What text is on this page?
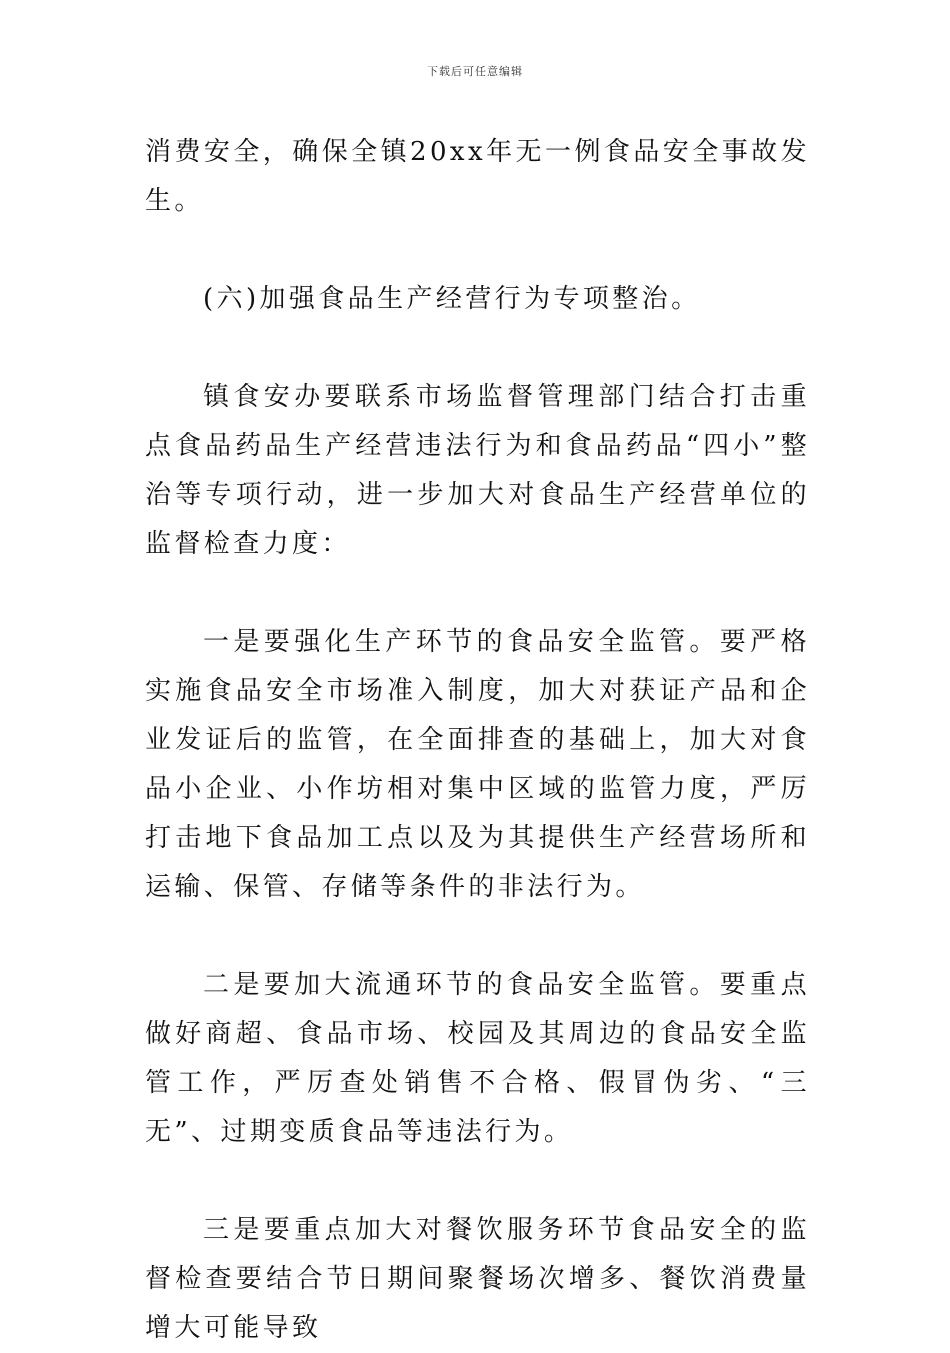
下载后可任意编辑

消费安全，确保全镇20xx年无一例食品安全事故发生。

(六)加强食品生产经营行为专项整治。

镇食安办要联系市场监督管理部门结合打击重点食品药品生产经营违法行为和食品药品“四小”整治等专项行动，进一步加大对食品生产经营单位的监督检查力度：

一是要强化生产环节的食品安全监管。要严格实施食品安全市场准入制度，加大对获证产品和企业发证后的监管，在全面排查的基础上，加大对食品小企业、小作坊相对集中区域的监管力度，严厉打击地下食品加工点以及为其提供生产经营场所和运输、保管、存储等条件的非法行为。

二是要加大流通环节的食品安全监管。要重点做好商超、食品市场、校园及其周边的食品安全监管工作，严厉查处销售不合格、假冒伪劣、“三无”、过期变质食品等违法行为。

三是要重点加大对餐饮服务环节食品安全的监督检查要结合节日期间聚餐场次增多、餐饮消费量增大可能导致
